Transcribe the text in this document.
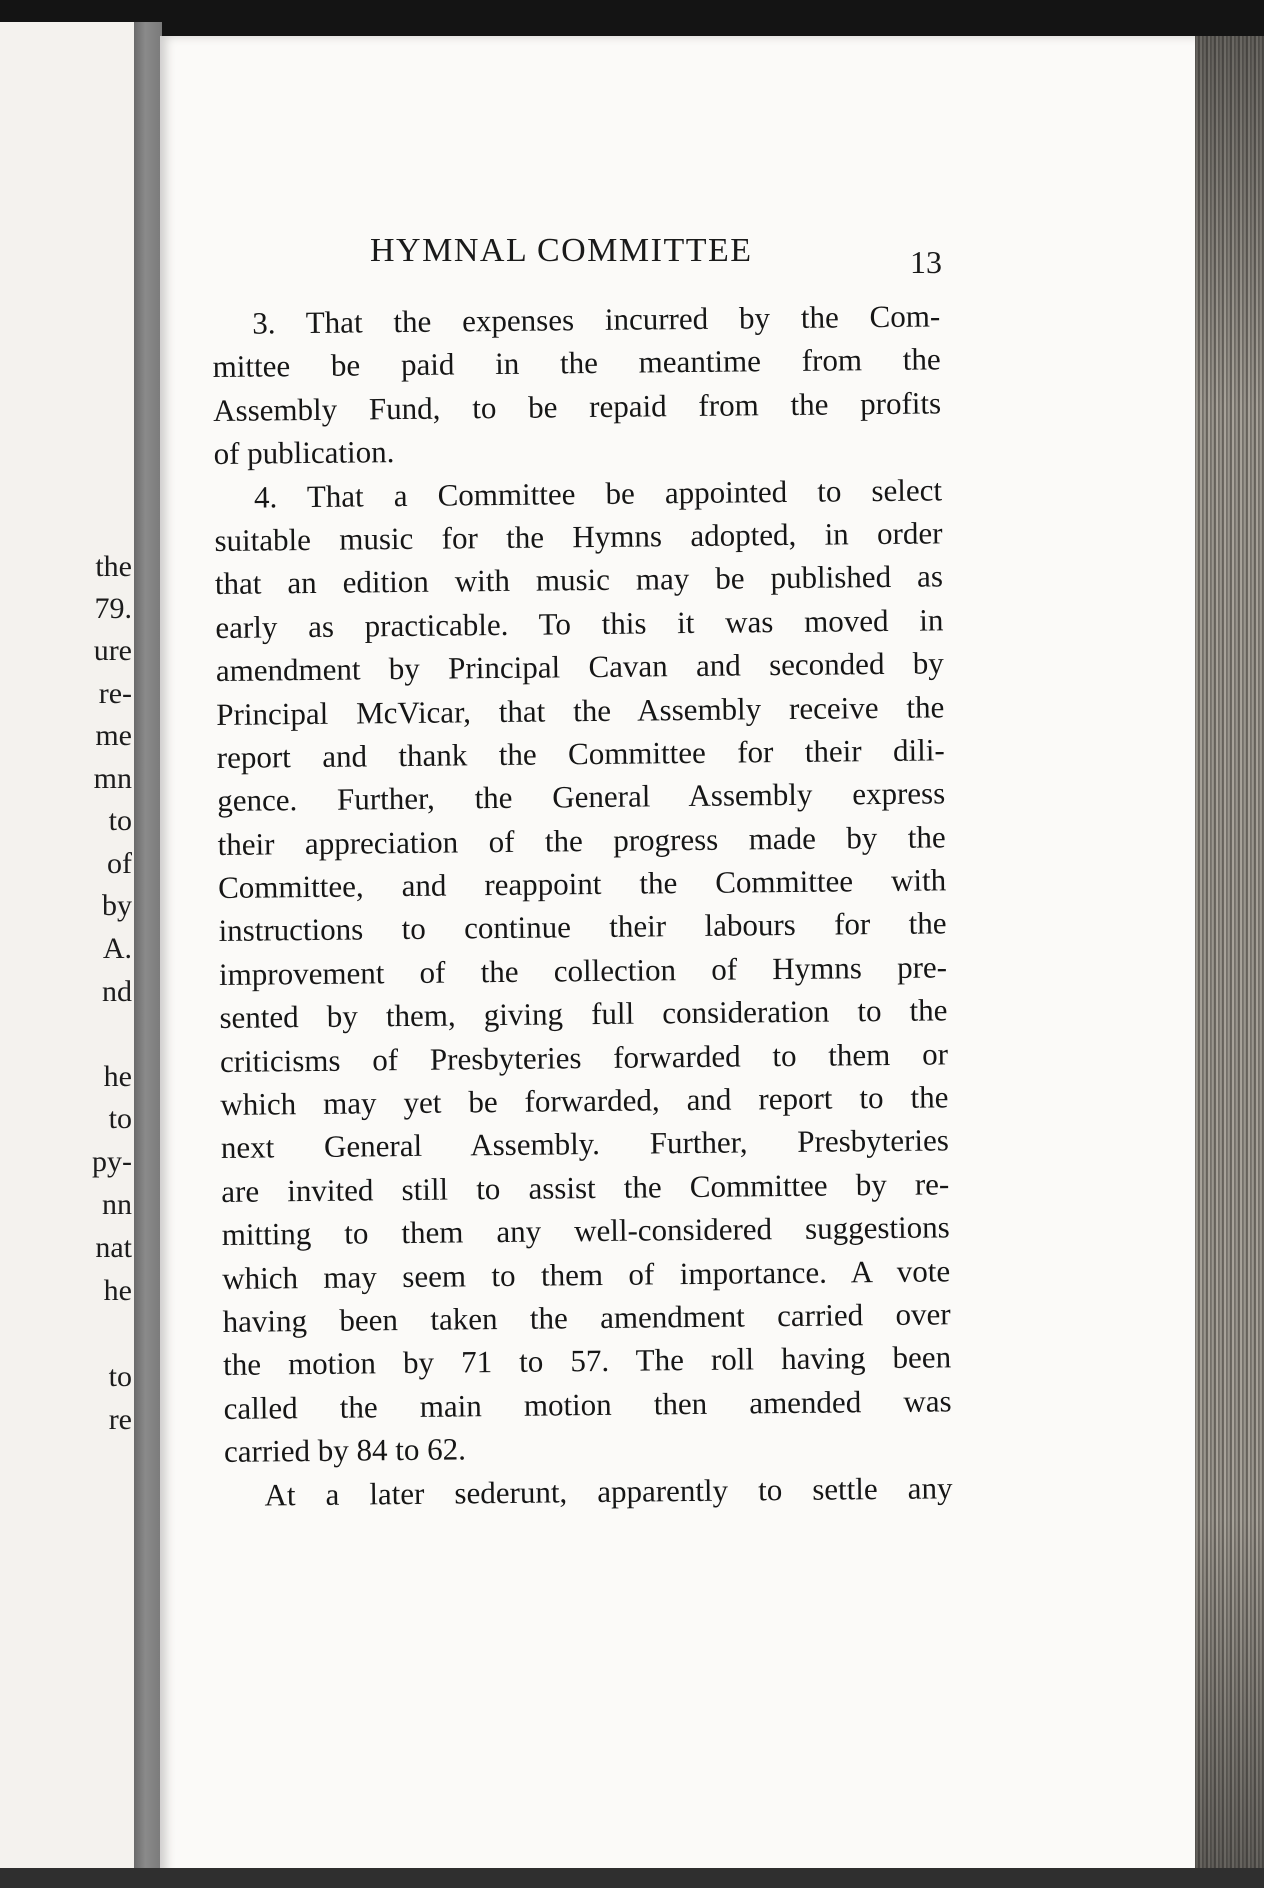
the
79.
ure
re-
me
mn
to
of
by
A.
nd
he
to
py-
nn
nat
he
to
re
HYMNAL COMMITTEE	13
3. That the expenses incurred by the Com-
mittee be paid in the meantime from the
Assembly Fund, to be repaid from the profits
of publication.
4. That a Committee be appointed to select
suitable music for the Hymns adopted, in order
that an edition with music may be published as
early as practicable. To this it was moved in
amendment by Principal Cavan and seconded by
Principal McVicar, that the Assembly receive the
report and thank the Committee for their dili-
gence. Further, the General Assembly express
their appreciation of the progress made by the
Committee, and reappoint the Committee with
instructions to continue their labours for the
improvement of the collection of Hymns pre-
sented by them, giving full consideration to the
criticisms of Presbyteries forwarded to them or
which may yet be forwarded, and report to the
next General Assembly. Further, Presbyteries
are invited still to assist the Committee by re-
mitting to them any well-considered suggestions
which may seem to them of importance. A vote
having been taken the amendment carried over
the motion by 71 to 57. The roll having been
called the main motion then amended was
carried by 84 to 62.
At a later sederunt, apparently to settle any
